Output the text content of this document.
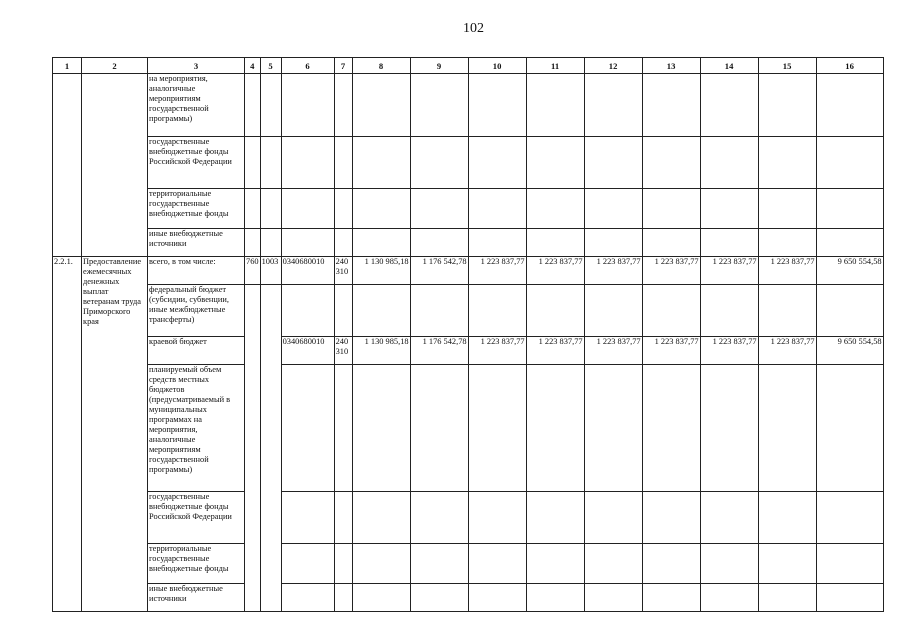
102
1	2	3	4	5	6	7	8	9	10	11	12	13	14	15	16
		на мероприятия, аналогичные мероприятиям государственной программы)													
		государственные внебюджетные фонды Российской Федерации													
		территориальные государственные внебюджетные фонды													
		иные внебюджетные источники													
2.2.1.	Предоставление ежемесячных денежных выплат ветеранам труда Приморского края	всего, в том числе:	760	1003	0340680010	240 310	1 130 985,18	1 176 542,78	1 223 837,77	1 223 837,77	1 223 837,77	1 223 837,77	1 223 837,77	1 223 837,77	9 650 554,58
		федеральный бюджет (субсидии, субвенции, иные межбюджетные трансферты)													
		краевой бюджет			0340680010	240 310	1 130 985,18	1 176 542,78	1 223 837,77	1 223 837,77	1 223 837,77	1 223 837,77	1 223 837,77	1 223 837,77	9 650 554,58
		планируемый объем средств местных бюджетов (предусматриваемый в муниципальных программах на мероприятия, аналогичные мероприятиям государственной программы)													
		государственные внебюджетные фонды Российской Федерации													
		территориальные государственные внебюджетные фонды													
		иные внебюджетные источники													
